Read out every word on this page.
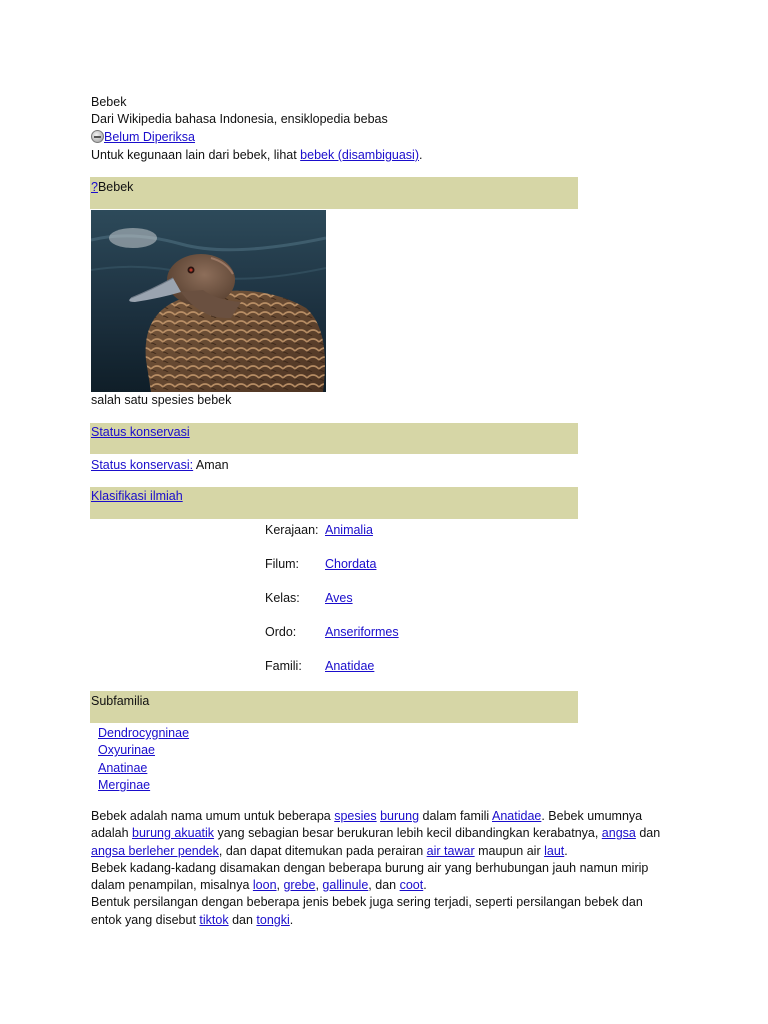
Bebek
Dari Wikipedia bahasa Indonesia, ensiklopedia bebas
Belum Diperiksa
Untuk kegunaan lain dari bebek, lihat bebek (disambiguasi).
?Bebek
salah satu spesies bebek
Status konservasi
Status konservasi: Aman
Klasifikasi ilmiah
Kerajaan: Animalia
Filum: Chordata
Kelas: Aves
Ordo: Anseriformes
Famili: Anatidae
Subfamilia
Dendrocygninae
Oxyurinae
Anatinae
Merginae
Bebek adalah nama umum untuk beberapa spesies burung dalam famili Anatidae. Bebek umumnya
adalah burung akuatik yang sebagian besar berukuran lebih kecil dibandingkan kerabatnya, angsa dan
angsa berleher pendek, dan dapat ditemukan pada perairan air tawar maupun air laut.
Bebek kadang-kadang disamakan dengan beberapa burung air yang berhubungan jauh namun mirip
dalam penampilan, misalnya loon, grebe, gallinule, dan coot.
Bentuk persilangan dengan beberapa jenis bebek juga sering terjadi, seperti persilangan bebek dan
entok yang disebut tiktok dan tongki.
